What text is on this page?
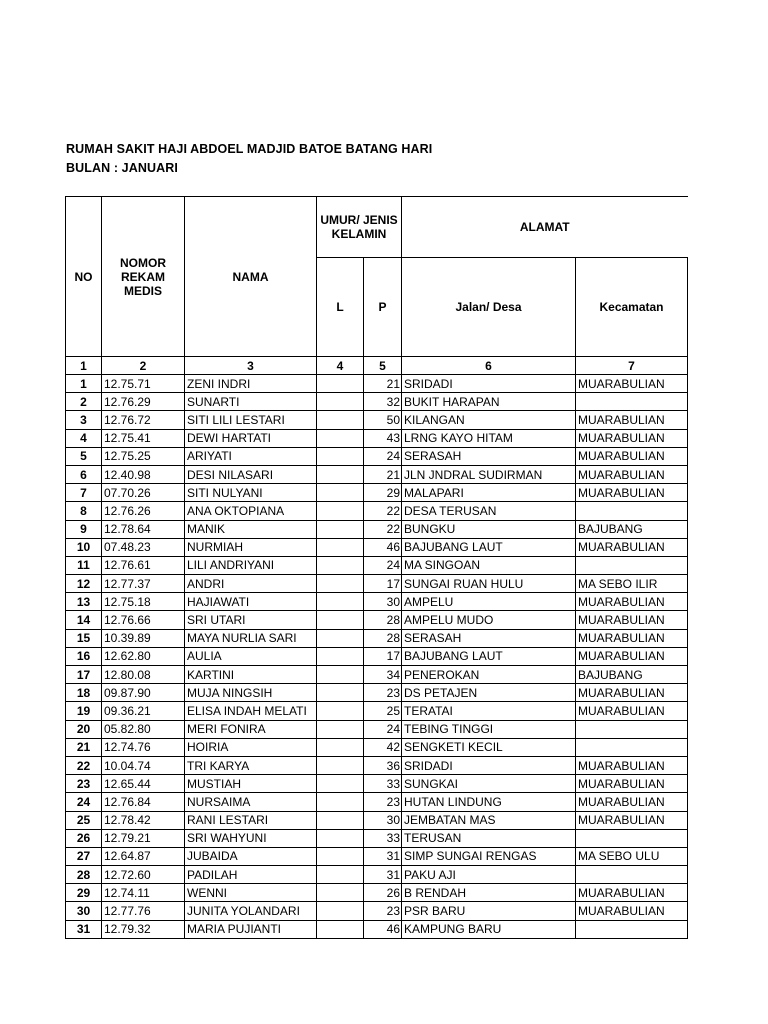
RUMAH SAKIT HAJI ABDOEL MADJID BATOE BATANG HARI
BULAN : JANUARI
NO	NOMOR
REKAM
MEDIS	NAMA	UMUR/ JENIS
KELAMIN		ALAMAT	
			L	P	Jalan/ Desa	Kecamatan
1	2	3	4	5	6	7
1	12.75.71	ZENI INDRI		21	SRIDADI	MUARABULIAN
2	12.76.29	SUNARTI		32	BUKIT HARAPAN	
3	12.76.72	SITI LILI LESTARI		50	KILANGAN	MUARABULIAN
4	12.75.41	DEWI HARTATI		43	LRNG KAYO HITAM	MUARABULIAN
5	12.75.25	ARIYATI		24	SERASAH	MUARABULIAN
6	12.40.98	DESI NILASARI		21	JLN JNDRAL SUDIRMAN	MUARABULIAN
7	07.70.26	SITI NULYANI		29	MALAPARI	MUARABULIAN
8	12.76.26	ANA OKTOPIANA		22	DESA TERUSAN	
9	12.78.64	MANIK		22	BUNGKU	BAJUBANG
10	07.48.23	NURMIAH		46	BAJUBANG LAUT	MUARABULIAN
11	12.76.61	LILI ANDRIYANI		24	MA SINGOAN	
12	12.77.37	ANDRI		17	SUNGAI RUAN HULU	MA SEBO ILIR
13	12.75.18	HAJIAWATI		30	AMPELU	MUARABULIAN
14	12.76.66	SRI UTARI		28	AMPELU MUDO	MUARABULIAN
15	10.39.89	MAYA NURLIA SARI		28	SERASAH	MUARABULIAN
16	12.62.80	AULIA		17	BAJUBANG LAUT	MUARABULIAN
17	12.80.08	KARTINI		34	PENEROKAN	BAJUBANG
18	09.87.90	MUJA NINGSIH		23	DS PETAJEN	MUARABULIAN
19	09.36.21	ELISA INDAH MELATI		25	TERATAI	MUARABULIAN
20	05.82.80	MERI FONIRA		24	TEBING TINGGI	
21	12.74.76	HOIRIA		42	SENGKETI KECIL	
22	10.04.74	TRI KARYA		36	SRIDADI	MUARABULIAN
23	12.65.44	MUSTIAH		33	SUNGKAI	MUARABULIAN
24	12.76.84	NURSAIMA		23	HUTAN LINDUNG	MUARABULIAN
25	12.78.42	RANI LESTARI		30	JEMBATAN MAS	MUARABULIAN
26	12.79.21	SRI WAHYUNI		33	TERUSAN	
27	12.64.87	JUBAIDA		31	SIMP SUNGAI RENGAS	MA SEBO ULU
28	12.72.60	PADILAH		31	PAKU AJI	
29	12.74.11	WENNI		26	B RENDAH	MUARABULIAN
30	12.77.76	JUNITA YOLANDARI		23	PSR BARU	MUARABULIAN
31	12.79.32	MARIA PUJIANTI		46	KAMPUNG BARU	
